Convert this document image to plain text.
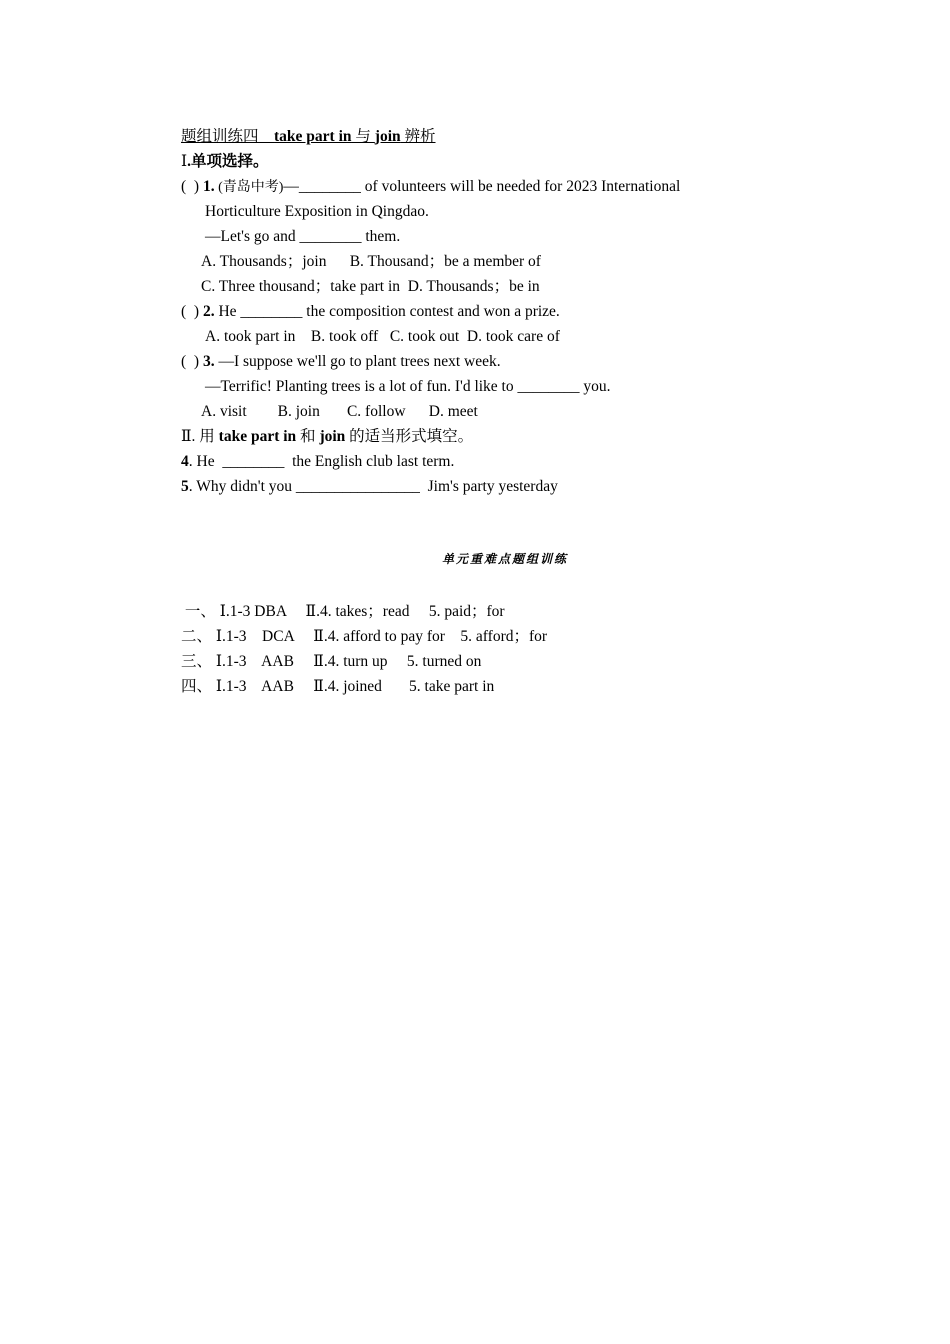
题组训练四　take part in 与 join 辨析
Ⅰ.单项选择。
(  ) 1. (青岛中考)—________ of volunteers will be needed for 2023 International
Horticulture Exposition in Qingdao.
—Let's go and ________ them.
A. Thousands；join      B. Thousand；be a member of
C. Three thousand；take part in  D. Thousands；be in
(  ) 2. He ________ the composition contest and won a prize.
A. took part in    B. took off   C. took out  D. took care of
(  ) 3. —I suppose we'll go to plant trees next week.
—Terrific! Planting trees is a lot of fun. I'd like to ________ you.
A. visit        B. join       C. follow      D. meet
Ⅱ. 用 take part in 和 join 的适当形式填空。
4. He  ________  the English club last term.
5. Why didn't you ________________  Jim's party yesterday
单元重难点题组训练
一、 Ⅰ.1-3 DBA     Ⅱ.4. takes；read     5. paid；for
二、 Ⅰ.1-3    DCA     Ⅱ.4. afford to pay for    5. afford；for
三、 Ⅰ.1-3    AAB     Ⅱ.4. turn up     5. turned on
四、 Ⅰ.1-3    AAB     Ⅱ.4. joined       5. take part in
